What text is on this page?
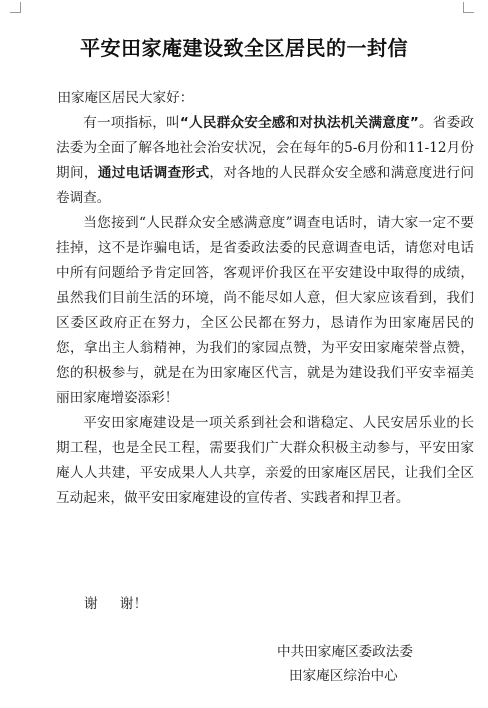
平安田家庵建设致全区居民的一封信

田家庵区居民大家好：

有一项指标，叫“人民群众安全感和对执法机关满意度”。省委政法委为全面了解各地社会治安状况，会在每年的5-6月份和11-12月份期间，通过电话调查形式，对各地的人民群众安全感和满意度进行问卷调查。

当您接到“人民群众安全感满意度”调查电话时，请大家一定不要挂掉，这不是诈骗电话，是省委政法委的民意调查电话，请您对电话中所有问题给予肯定回答，客观评价我区在平安建设中取得的成绩，虽然我们目前生活的环境，尚不能尽如人意，但大家应该看到，我们区委区政府正在努力，全区公民都在努力，恳请作为田家庵居民的您，拿出主人翁精神，为我们的家园点赞，为平安田家庵荣誉点赞，您的积极参与，就是在为田家庵区代言，就是为建设我们平安幸福美丽田家庵增姿添彩！

平安田家庵建设是一项关系到社会和谐稳定、人民安居乐业的长期工程，也是全民工程，需要我们广大群众积极主动参与，平安田家庵人人共建，平安成果人人共享，亲爱的田家庵区居民，让我们全区互动起来，做平安田家庵建设的宣传者、实践者和捍卫者。

谢 谢！
中共田家庵区委政法委
田家庵区综治中心
